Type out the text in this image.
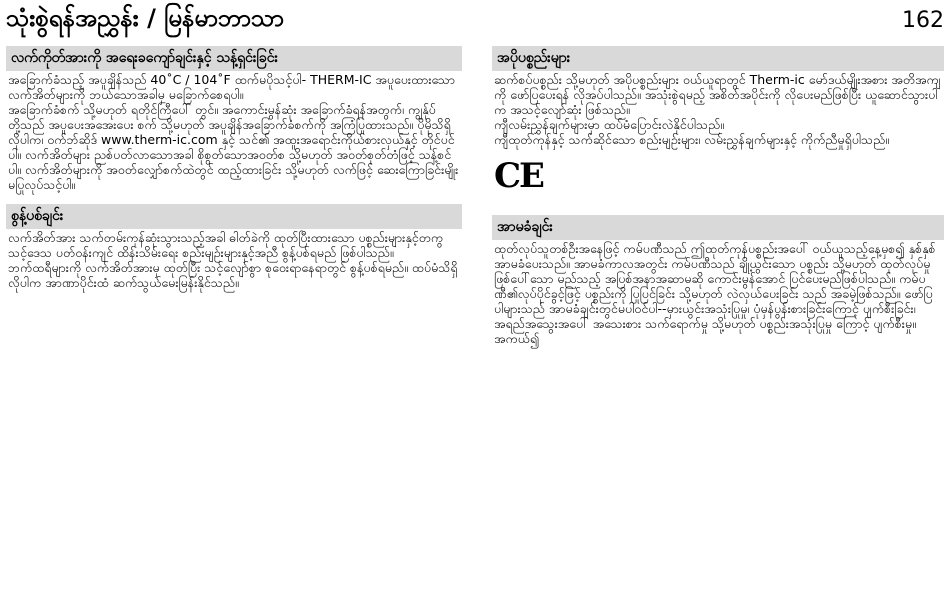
သုံးစွဲရန်အညွှန်း / မြန်မာဘာသာ	162
လက်ကိုတ်အားကို အရေးခကျော်ချင်းနှင့် သန့်ရှင်းခြင်း

အခြောက်ခံသည့် အပူချိန်သည် 40˚C / 104˚F ထက်မပိုသင့်ပါ- THERM-IC အပူပေးထားသော လက်အိတ်များကို ဘယ်သောအခါမှ မခြောက်စေရပါ။

အခြောက်ခံစက် သို့မဟုတ် ရတိုင်ကြီပေါ် တွင်။ အကောင်းမွန်ဆုံး အခြောက်ခံရန်အတွက်၊ ကျွန်ုပ်တို့သည် အပူပေးအအေးပေး စက် သို့မဟုတ် အပူချိန်အခြောက်ခံစက်ကို အကြံပြုထားသည်။ ပိုမိုသိရှိလိုပါက၊ ဝက်ဘ်ဆိုဒ် www.therm-ic.com နှင့် သင်၏ အထူးအရောင်းကိုယ်စားလှယ်နှင့် တိုင်ပင်ပါ။ လက်အိတ်များ ညစ်ပတ်လာသောအခါ စိုစွတ်သောအဝတ်စ သို့မဟုတ် အဝတ်စုတ်တံဖြင့် သန့်စင်ပါ။ လက်အိတ်များကို အဝတ်လျှော်စက်ထဲတွင် ထည့်ထားခြင်း သို့မဟုတ် လက်ဖြင့် ဆေးကြောခြင်းမျိုး မပြုလုပ်သင့်ပါ။

စွန့်ပစ်ချင်း

လက်အိတ်အား သက်တမ်းကုန်ဆုံးသွားသည့်အခါ ဓါတ်ခဲကို ထုတ်ပြီးထားသော ပစ္စည်းများနှင့်တကွ သင့်ဒေသ ပတ်ဝန်းကျင် ထိန်းသိမ်းရေး စည်းမျဉ်းများနှင့်အညီ စွန့်ပစ်ရမည် ဖြစ်ပါသည်။

ဘက်ထရီများကို လက်အိတ်အားမှ ထုတ်ပြီး သင့်လျော်စွာ စုဝေးရာနေရာတွင် စွန့်ပစ်ရမည်။ ထပ်မံသိရှိလိုပါက အာဏာပိုင်းထံ ဆက်သွယ်မေးမြန်းနိုင်သည်။

အပိုပစ္စည်းများ

ဆက်စပ်ပစ္စည်း သို့မဟုတ် အပိုပစ္စည်းများ ဝယ်ယူရာတွင် Therm-ic မော်ဒယ်မျိုးအစား အတိအကျကို ဖော်ပြပေးရန် လိုအပ်ပါသည်။ အသုံးစွဲရမည့် အစိတ်အပိုင်းကို လိုပေးမည်ဖြစ်ပြီး ယူဆောင်သွားပါက အသင့်လျော်ဆုံး ဖြစ်သည်။

ကျီလမ်းညွှန်ချက်များမှာ ထပ်မံပြောင်းလဲနိုင်ပါသည်။

ကျီထုတ်ကုန်နှင့် သက်ဆိုင်သော စည်းမျဉ်းများ၊ လမ်းညွှန်ချက်များနှင့် ကိုက်ညီမှုရှိပါသည်။

CE
အာမခံချင်း

ထုတ်လုပ်သူတစ်ဦးအနေဖြင့် ကမ်ပဏီသည် ဤထုတ်ကုန်ပစ္စည်းအပေါ် ဝယ်ယူသည့်နေ့မှစ၍ နှစ်နှစ် အာမခံပေးသည်။ အာမခံကာလအတွင်း ကမ်ပဏီသည် ချို့ယွင်းသော ပစ္စည်း သို့မဟုတ် ထုတ်လုပ်မှုဖြစ်ပေါ်သော မည်သည့် အပြစ်အနာအဆာမဆို ကောင်းမွန်အောင် ပြင်ပေးမည်ဖြစ်ပါသည်။ ကမ်ပဏီ၏လုပ်ပိုင်ခွင့်ဖြင့် ပစ္စည်းကို ပြုပြင်ခြင်း သို့မဟုတ် လဲလှယ်ပေးခြင်း သည် အခမဲ့ဖြစ်သည်။ ဖော်ပြပါများသည် အာမခံချင်းတွင်မပါဝင်ပါ--မှားယွင်းအသုံးပြုမှု၊ ပုံမှန်ပွန်းစားခြင်းကြောင့် ပျက်စီးခြင်း၊ အရည်အသွေးအပေါ် အသေးစား သက်ရောက်မှု သို့မဟုတ် ပစ္စည်းအသုံးပြုမှု ကြောင့် ပျက်စီးမှု။ အကယ်၍
